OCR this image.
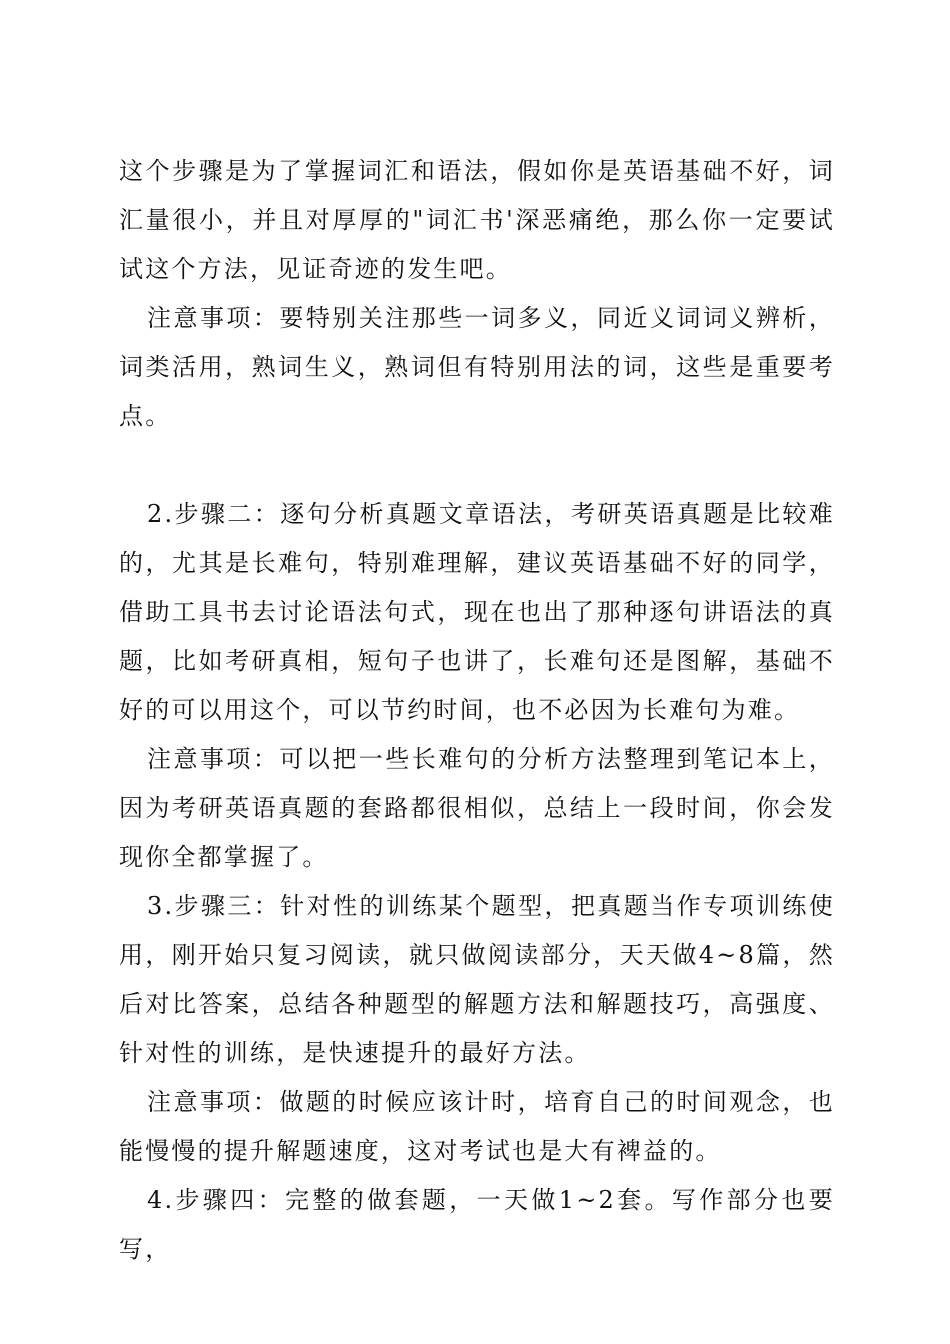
这个步骤是为了掌握词汇和语法，假如你是英语基础不好，词汇量很小，并且对厚厚的"词汇书'深恶痛绝，那么你一定要试试这个方法，见证奇迹的发生吧。

注意事项：要特别关注那些一词多义，同近义词词义辨析，词类活用，熟词生义，熟词但有特别用法的词，这些是重要考点。

2.步骤二：逐句分析真题文章语法，考研英语真题是比较难的，尤其是长难句，特别难理解，建议英语基础不好的同学，借助工具书去讨论语法句式，现在也出了那种逐句讲语法的真题，比如考研真相，短句子也讲了，长难句还是图解，基础不好的可以用这个，可以节约时间，也不必因为长难句为难。

注意事项：可以把一些长难句的分析方法整理到笔记本上，因为考研英语真题的套路都很相似，总结上一段时间，你会发现你全都掌握了。

3.步骤三：针对性的训练某个题型，把真题当作专项训练使用，刚开始只复习阅读，就只做阅读部分，天天做4~8篇，然后对比答案，总结各种题型的解题方法和解题技巧，高强度、针对性的训练，是快速提升的最好方法。

注意事项：做题的时候应该计时，培育自己的时间观念，也能慢慢的提升解题速度，这对考试也是大有裨益的。

4.步骤四：完整的做套题，一天做1~2套。写作部分也要写，
